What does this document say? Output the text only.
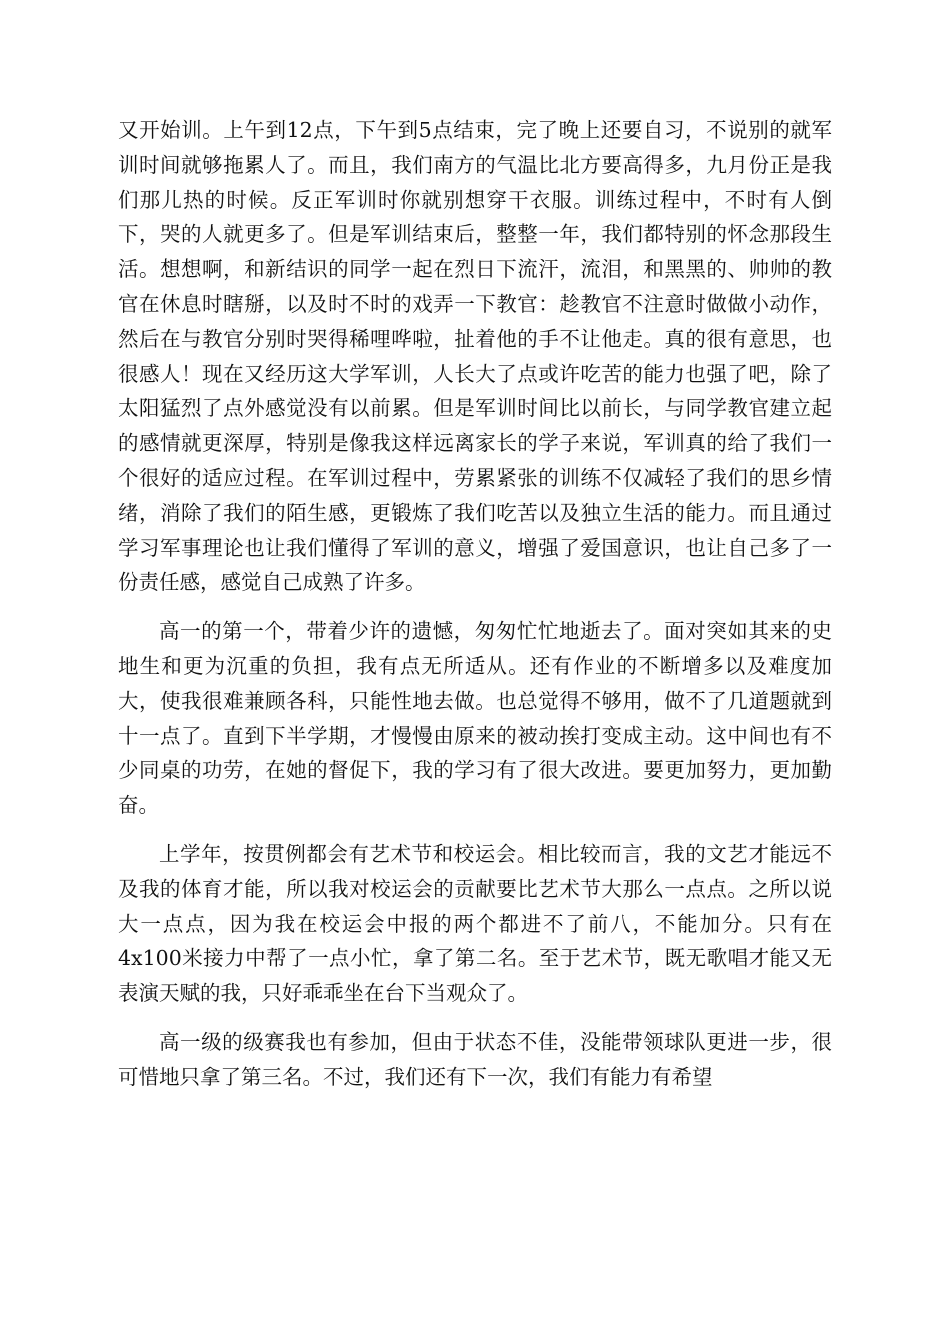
又开始训。上午到12点，下午到5点结束，完了晚上还要自习，不说别的就军训时间就够拖累人了。而且，我们南方的气温比北方要高得多，九月份正是我们那儿热的时候。反正军训时你就别想穿干衣服。训练过程中，不时有人倒下，哭的人就更多了。但是军训结束后，整整一年，我们都特别的怀念那段生活。想想啊，和新结识的同学一起在烈日下流汗，流泪，和黑黑的、帅帅的教官在休息时瞎掰，以及时不时的戏弄一下教官：趁教官不注意时做做小动作，然后在与教官分别时哭得稀哩哗啦，扯着他的手不让他走。真的很有意思，也很感人！现在又经历这大学军训，人长大了点或许吃苦的能力也强了吧，除了太阳猛烈了点外感觉没有以前累。但是军训时间比以前长，与同学教官建立起的感情就更深厚，特别是像我这样远离家长的学子来说，军训真的给了我们一个很好的适应过程。在军训过程中，劳累紧张的训练不仅减轻了我们的思乡情绪，消除了我们的陌生感，更锻炼了我们吃苦以及独立生活的能力。而且通过学习军事理论也让我们懂得了军训的意义，增强了爱国意识，也让自己多了一份责任感，感觉自己成熟了许多。

高一的第一个，带着少许的遗憾，匆匆忙忙地逝去了。面对突如其来的史地生和更为沉重的负担，我有点无所适从。还有作业的不断增多以及难度加大，使我很难兼顾各科，只能性地去做。也总觉得不够用，做不了几道题就到十一点了。直到下半学期，才慢慢由原来的被动挨打变成主动。这中间也有不少同桌的功劳，在她的督促下，我的学习有了很大改进。要更加努力，更加勤奋。

上学年，按贯例都会有艺术节和校运会。相比较而言，我的文艺才能远不及我的体育才能，所以我对校运会的贡献要比艺术节大那么一点点。之所以说大一点点，因为我在校运会中报的两个都进不了前八，不能加分。只有在4x100米接力中帮了一点小忙，拿了第二名。至于艺术节，既无歌唱才能又无表演天赋的我，只好乖乖坐在台下当观众了。

高一级的级赛我也有参加，但由于状态不佳，没能带领球队更进一步，很可惜地只拿了第三名。不过，我们还有下一次，我们有能力有希望
